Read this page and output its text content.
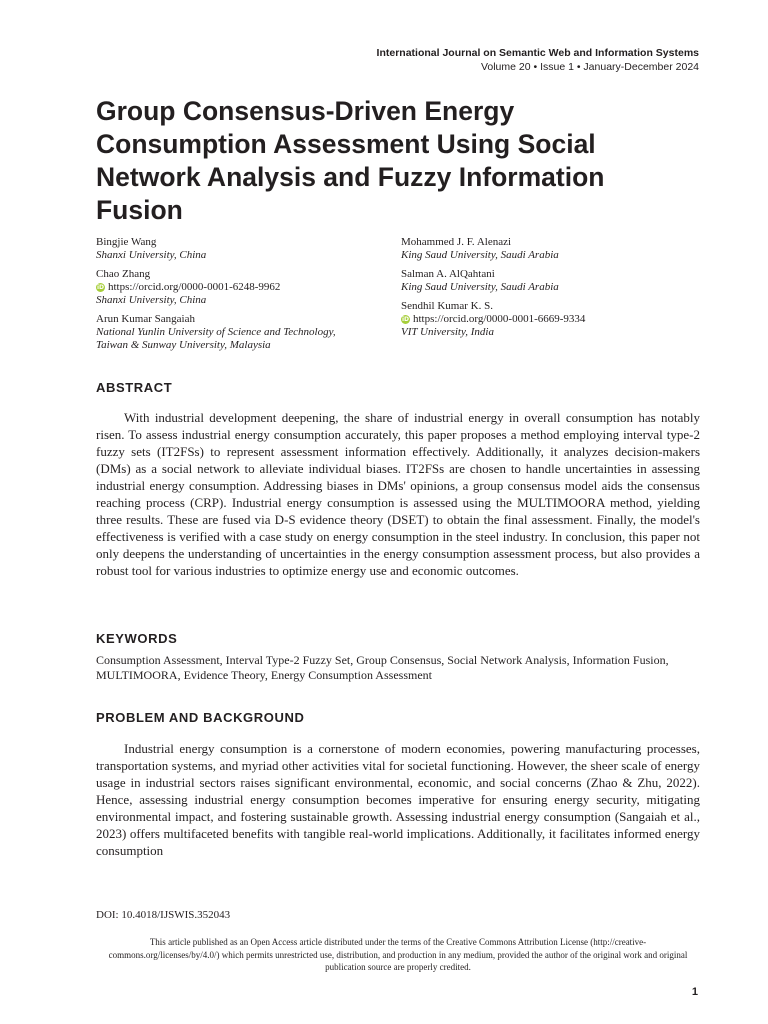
International Journal on Semantic Web and Information Systems
Volume 20 • Issue 1 • January-December 2024
Group Consensus-Driven Energy Consumption Assessment Using Social Network Analysis and Fuzzy Information Fusion
Bingjie Wang
Shanxi University, China
Chao Zhang
iD https://orcid.org/0000-0001-6248-9962
Shanxi University, China
Arun Kumar Sangaiah
National Yunlin University of Science and Technology,
Taiwan & Sunway University, Malaysia
Mohammed J. F. Alenazi
King Saud University, Saudi Arabia
Salman A. AlQahtani
King Saud University, Saudi Arabia
Sendhil Kumar K. S.
iD https://orcid.org/0000-0001-6669-9334
VIT University, India
ABSTRACT

With industrial development deepening, the share of industrial energy in overall consumption has notably risen. To assess industrial energy consumption accurately, this paper proposes a method employing interval type-2 fuzzy sets (IT2FSs) to represent assessment information effectively. Additionally, it analyzes decision-makers (DMs) as a social network to alleviate individual biases. IT2FSs are chosen to handle uncertainties in assessing industrial energy consumption. Addressing biases in DMs' opinions, a group consensus model aids the consensus reaching process (CRP). Industrial energy consumption is assessed using the MULTIMOORA method, yielding three results. These are fused via D-S evidence theory (DSET) to obtain the final assessment. Finally, the model's effectiveness is verified with a case study on energy consumption in the steel industry. In conclusion, this paper not only deepens the understanding of uncertainties in the energy consumption assessment process, but also provides a robust tool for various industries to optimize energy use and economic outcomes.

KEYWORDS

Consumption Assessment, Interval Type-2 Fuzzy Set, Group Consensus, Social Network Analysis, Information Fusion, MULTIMOORA, Evidence Theory, Energy Consumption Assessment

PROBLEM AND BACKGROUND

Industrial energy consumption is a cornerstone of modern economies, powering manufacturing processes, transportation systems, and myriad other activities vital for societal functioning. However, the sheer scale of energy usage in industrial sectors raises significant environmental, economic, and social concerns (Zhao & Zhu, 2022). Hence, assessing industrial energy consumption becomes imperative for ensuring energy security, mitigating environmental impact, and fostering sustainable growth. Assessing industrial energy consumption (Sangaiah et al., 2023) offers multifaceted benefits with tangible real-world implications. Additionally, it facilitates informed energy consumption

DOI: 10.4018/IJSWIS.352043

This article published as an Open Access article distributed under the terms of the Creative Commons Attribution License (http://creative-commons.org/licenses/by/4.0/) which permits unrestricted use, distribution, and production in any medium, provided the author of the original work and original publication source are properly credited.

1
